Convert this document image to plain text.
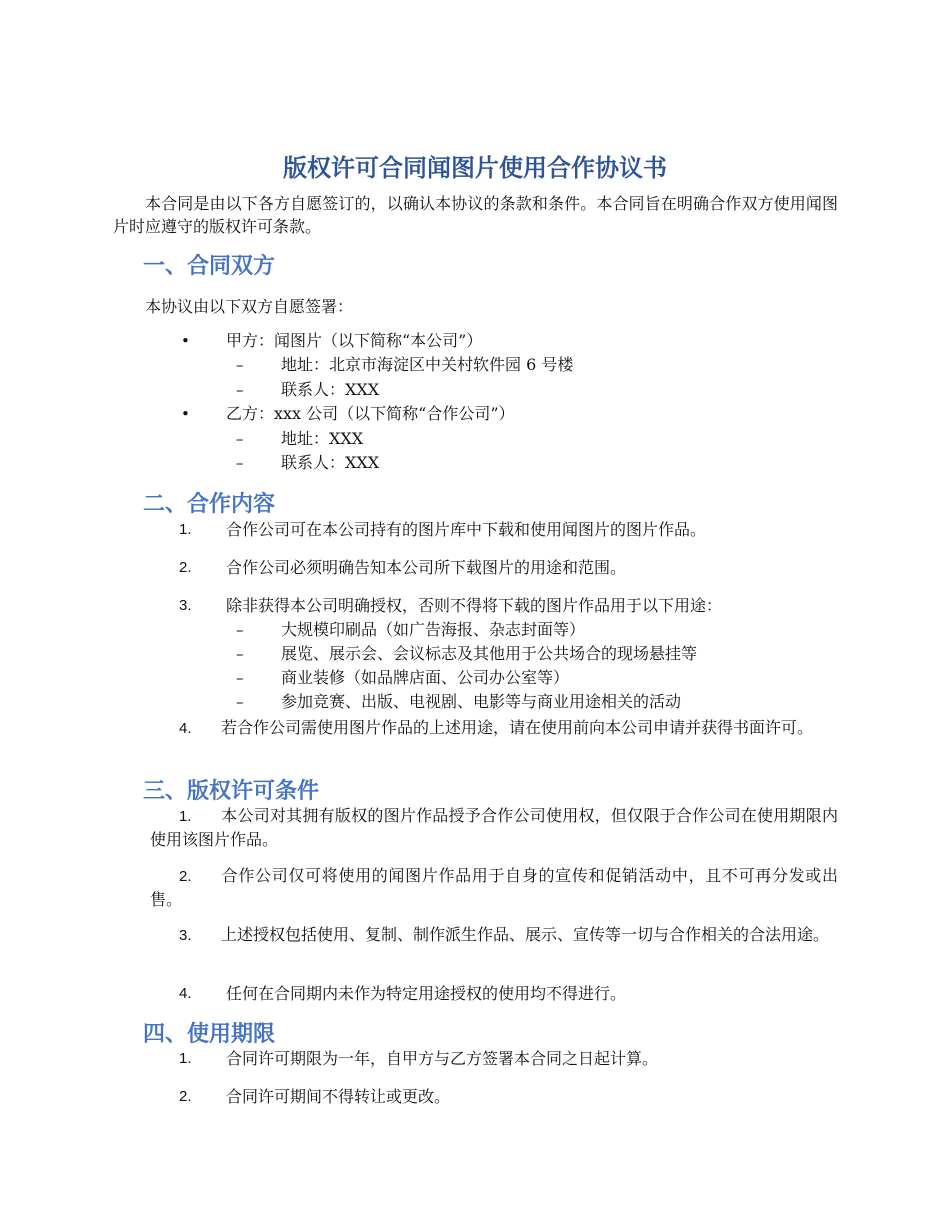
版权许可合同闻图片使用合作协议书

本合同是由以下各方自愿签订的，以确认本协议的条款和条件。本合同旨在明确合作双方使用闻图片时应遵守的版权许可条款。

一、合同双方

本协议由以下双方自愿签署：

• 甲方：闻图片（以下简称“本公司”）
– 地址：北京市海淀区中关村软件园 6 号楼
– 联系人：XXX
• 乙方：xxx 公司（以下简称“合作公司”）
– 地址：XXX
– 联系人：XXX
二、合作内容
1. 合作公司可在本公司持有的图片库中下载和使用闻图片的图片作品。
2. 合作公司必须明确告知本公司所下载图片的用途和范围。
3. 除非获得本公司明确授权，否则不得将下载的图片作品用于以下用途：
– 大规模印刷品（如广告海报、杂志封面等）
– 展览、展示会、会议标志及其他用于公共场合的现场悬挂等
– 商业装修（如品牌店面、公司办公室等）
– 参加竞赛、出版、电视剧、电影等与商业用途相关的活动

4. 若合作公司需使用图片作品的上述用途，请在使用前向本公司申请并获得书面许可。

三、版权许可条件

1. 本公司对其拥有版权的图片作品授予合作公司使用权，但仅限于合作公司在使用期限内使用该图片作品。

2. 合作公司仅可将使用的闻图片作品用于自身的宣传和促销活动中，且不可再分发或出售。

3. 上述授权包括使用、复制、制作派生作品、展示、宣传等一切与合作相关的合法用途。

4. 任何在合同期内未作为特定用途授权的使用均不得进行。
四、使用期限
1. 合同许可期限为一年，自甲方与乙方签署本合同之日起计算。
2. 合同许可期间不得转让或更改。
